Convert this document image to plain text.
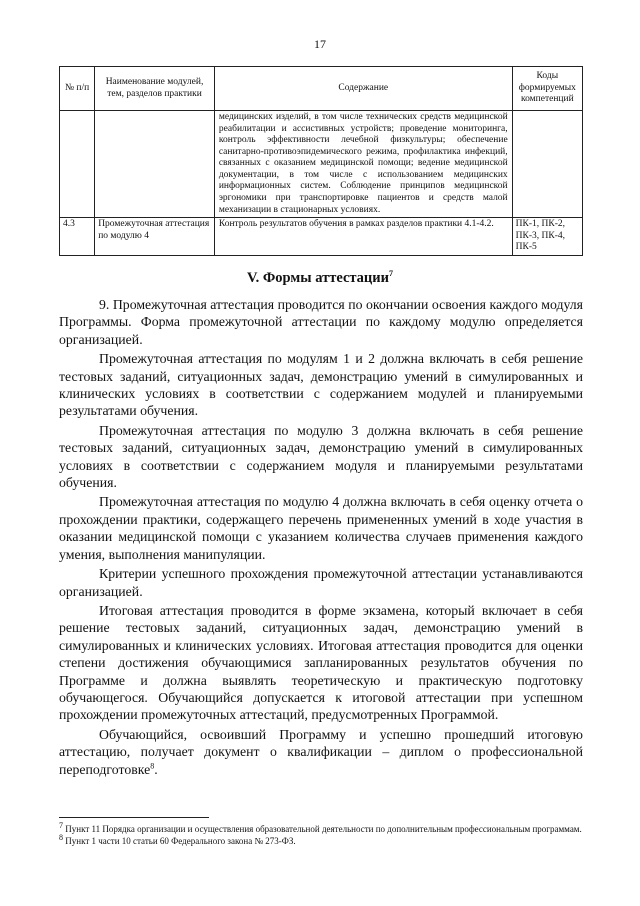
17
№ п/п	Наименование модулей, тем, разделов практики	Содержание	Коды формируемых компетенций
		медицинских изделий, в том числе технических средств медицинской реабилитации и ассистивных устройств; проведение мониторинга, контроль эффективности лечебной физкультуры; обеспечение санитарно-противоэпидемического режима, профилактика инфекций, связанных с оказанием медицинской помощи; ведение медицинской документации, в том числе с использованием медицинских информационных систем. Соблюдение принципов медицинской эргономики при транспортировке пациентов и средств малой механизации в стационарных условиях.	
4.3	Промежуточная аттестация по модулю 4	Контроль результатов обучения в рамках разделов практики 4.1-4.2.	ПК-1, ПК-2, ПК-3, ПК-4, ПК-5
V. Формы аттестации$^7$

9. Промежуточная аттестация проводится по окончании освоения каждого модуля Программы. Форма промежуточной аттестации по каждому модулю определяется организацией.

Промежуточная аттестация по модулям 1 и 2 должна включать в себя решение тестовых заданий, ситуационных задач, демонстрацию умений в симулированных и клинических условиях в соответствии с содержанием модулей и планируемыми результатами обучения.

Промежуточная аттестация по модулю 3 должна включать в себя решение тестовых заданий, ситуационных задач, демонстрацию умений в симулированных условиях в соответствии с содержанием модуля и планируемыми результатами обучения.

Промежуточная аттестация по модулю 4 должна включать в себя оценку отчета о прохождении практики, содержащего перечень примененных умений в ходе участия в оказании медицинской помощи с указанием количества случаев применения каждого умения, выполнения манипуляции.

Критерии успешного прохождения промежуточной аттестации устанавливаются организацией.

Итоговая аттестация проводится в форме экзамена, который включает в себя решение тестовых заданий, ситуационных задач, демонстрацию умений в симулированных и клинических условиях. Итоговая аттестация проводится для оценки степени достижения обучающимися запланированных результатов обучения по Программе и должна выявлять теоретическую и практическую подготовку обучающегося. Обучающийся допускается к итоговой аттестации при успешном прохождении промежуточных аттестаций, предусмотренных Программой.

Обучающийся, освоивший Программу и успешно прошедший итоговую аттестацию, получает документ о квалификации – диплом о профессиональной переподготовке$^8$.

$^7$ Пункт 11 Порядка организации и осуществления образовательной деятельности по дополнительным профессиональным программам.

$^8$ Пункт 1 части 10 статьи 60 Федерального закона № 273-ФЗ.
